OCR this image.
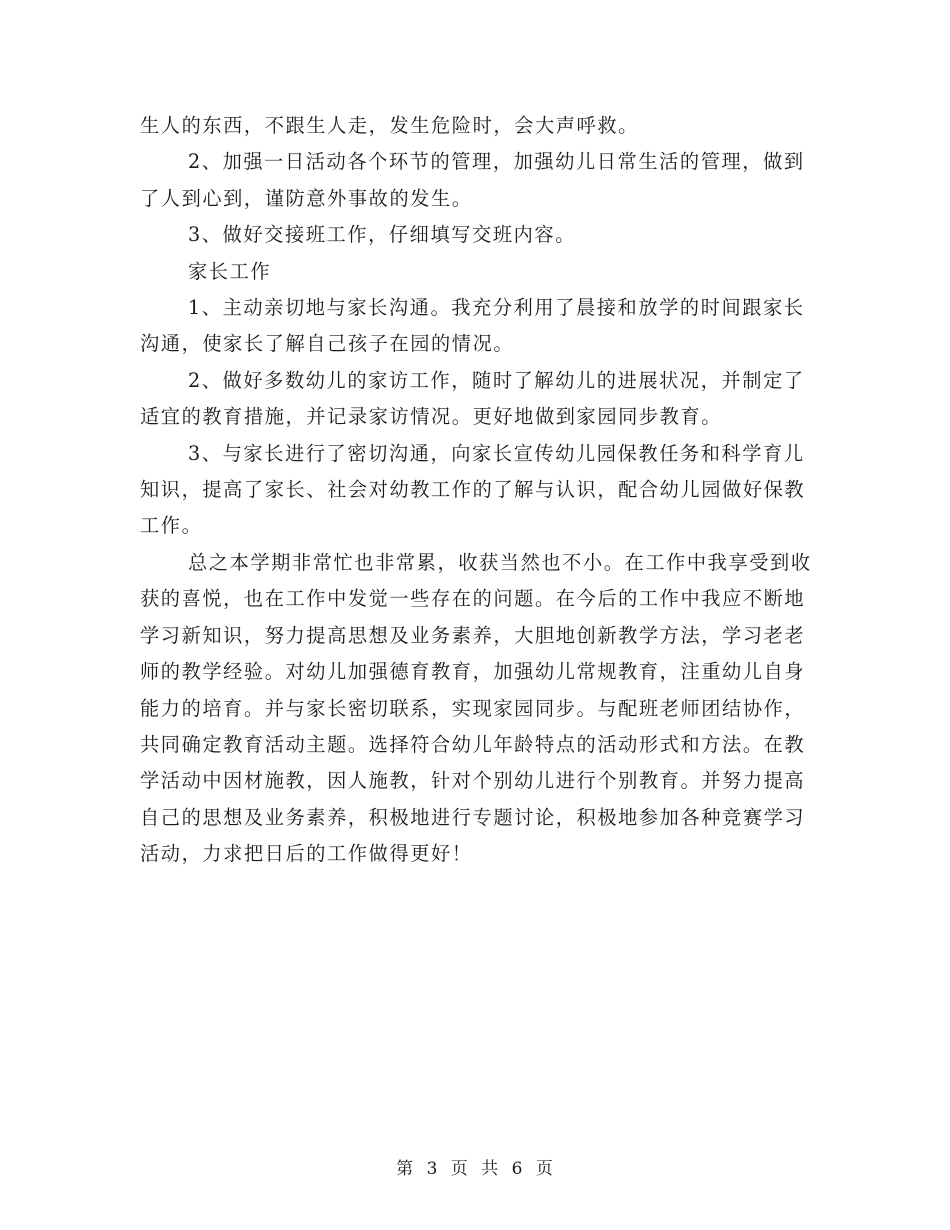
生人的东西，不跟生人走，发生危险时，会大声呼救。

2、加强一日活动各个环节的管理，加强幼儿日常生活的管理，做到了人到心到，谨防意外事故的发生。

3、做好交接班工作，仔细填写交班内容。

家长工作

1、主动亲切地与家长沟通。我充分利用了晨接和放学的时间跟家长沟通，使家长了解自己孩子在园的情况。

2、做好多数幼儿的家访工作，随时了解幼儿的进展状况，并制定了适宜的教育措施，并记录家访情况。更好地做到家园同步教育。

3、与家长进行了密切沟通，向家长宣传幼儿园保教任务和科学育儿知识，提高了家长、社会对幼教工作的了解与认识，配合幼儿园做好保教工作。

总之本学期非常忙也非常累，收获当然也不小。在工作中我享受到收获的喜悦，也在工作中发觉一些存在的问题。在今后的工作中我应不断地学习新知识，努力提高思想及业务素养，大胆地创新教学方法，学习老老师的教学经验。对幼儿加强德育教育，加强幼儿常规教育，注重幼儿自身能力的培育。并与家长密切联系，实现家园同步。与配班老师团结协作，共同确定教育活动主题。选择符合幼儿年龄特点的活动形式和方法。在教学活动中因材施教，因人施教，针对个别幼儿进行个别教育。并努力提高自己的思想及业务素养，积极地进行专题讨论，积极地参加各种竞赛学习活动，力求把日后的工作做得更好！

第 3 页 共 6 页
